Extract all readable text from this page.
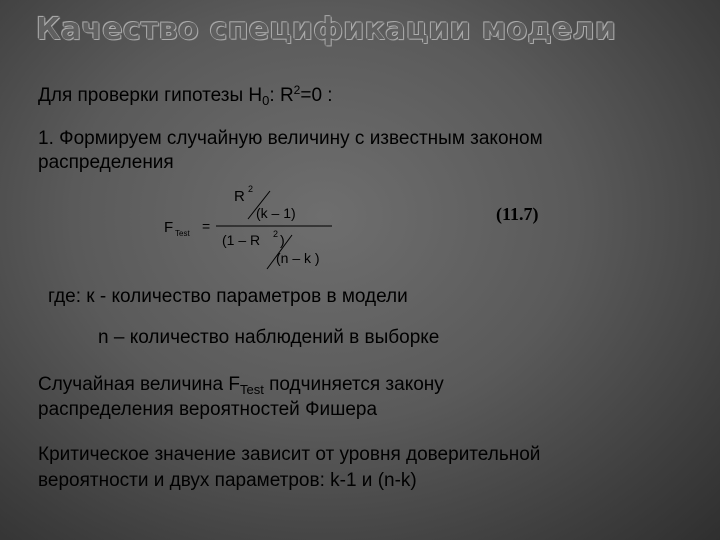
Качество спецификации модели

Для проверки гипотезы $Н_0$: $R^2=0$ :

1. Формируем случайную величину с известным законом

распределения

F Test =
R 2
(k – 1)
(1 – R 2 )
(n – k )

(11.7)

где: к - количество параметров в модели

n – количество наблюдений в выборке

Случайная величина $F_{Test}$ подчиняется закону

распределения вероятностей Фишера

Критическое значение зависит от уровня доверительной

вероятности и двух параметров: k-1 и (n-k)
